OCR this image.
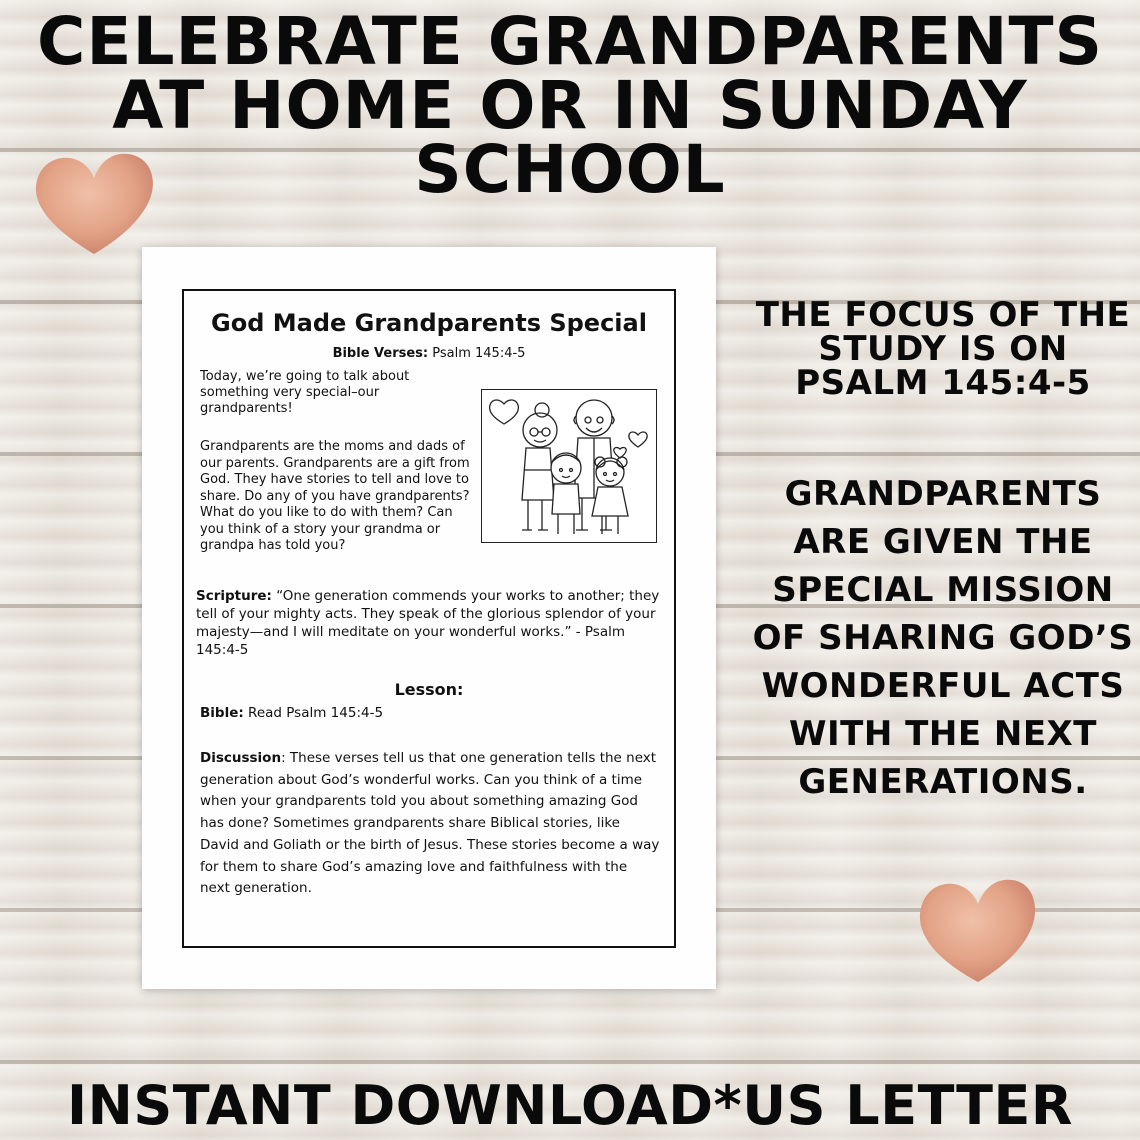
CELEBRATE GRANDPARENTS
AT HOME OR IN SUNDAY
SCHOOL
God Made Grandparents Special
Bible Verses: Psalm 145:4-5

Today, we’re going to talk about something very special–our grandparents!

Grandparents are the moms and dads of our parents. Grandparents are a gift from God. They have stories to tell and love to share. Do any of you have grandparents? What do you like to do with them? Can you think of a story your grandma or grandpa has told you?

Scripture: “One generation commends your works to another; they tell of your mighty acts. They speak of the glorious splendor of your majesty—and I will meditate on your wonderful works.” - Psalm 145:4-5

Lesson:

Bible: Read Psalm 145:4-5

Discussion: These verses tell us that one generation tells the next generation about God’s wonderful works. Can you think of a time when your grandparents told you about something amazing God has done? Sometimes grandparents share Biblical stories, like David and Goliath or the birth of Jesus. These stories become a way for them to share God’s amazing love and faithfulness with the next generation.

THE FOCUS OF THE
STUDY IS ON
PSALM 145:4-5

GRANDPARENTS ARE GIVEN THE SPECIAL MISSION OF SHARING GOD’S WONDERFUL ACTS WITH THE NEXT GENERATIONS.

INSTANT DOWNLOAD*US LETTER
